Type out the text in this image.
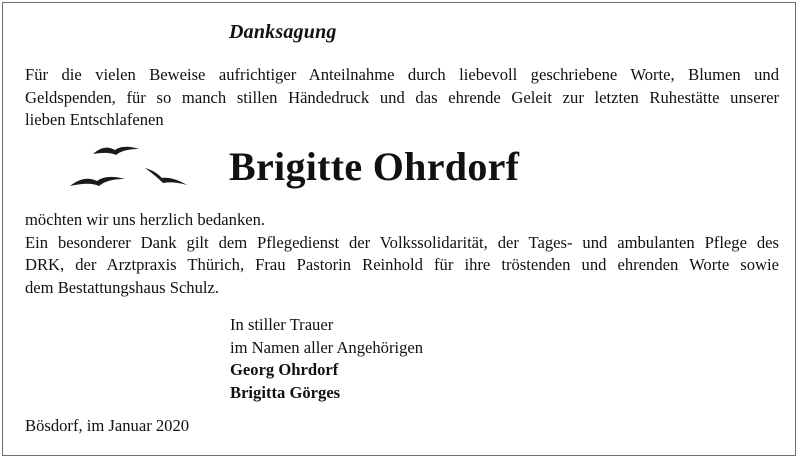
Danksagung
Für die vielen Beweise aufrichtiger Anteilnahme durch liebevoll geschriebene Worte, Blumen und
Geldspenden, für so manch stillen Händedruck und das ehrende Geleit zur letzten Ruhestätte unserer
lieben Entschlafenen
Brigitte Ohrdorf
möchten wir uns herzlich bedanken.
Ein besonderer Dank gilt dem Pflegedienst der Volkssolidarität, der Tages- und ambulanten Pflege des
DRK, der Arztpraxis Thürich, Frau Pastorin Reinhold für ihre tröstenden und ehrenden Worte sowie
dem Bestattungshaus Schulz.
In stiller Trauer
im Namen aller Angehörigen
Georg Ohrdorf
Brigitta Görges
Bösdorf, im Januar 2020
